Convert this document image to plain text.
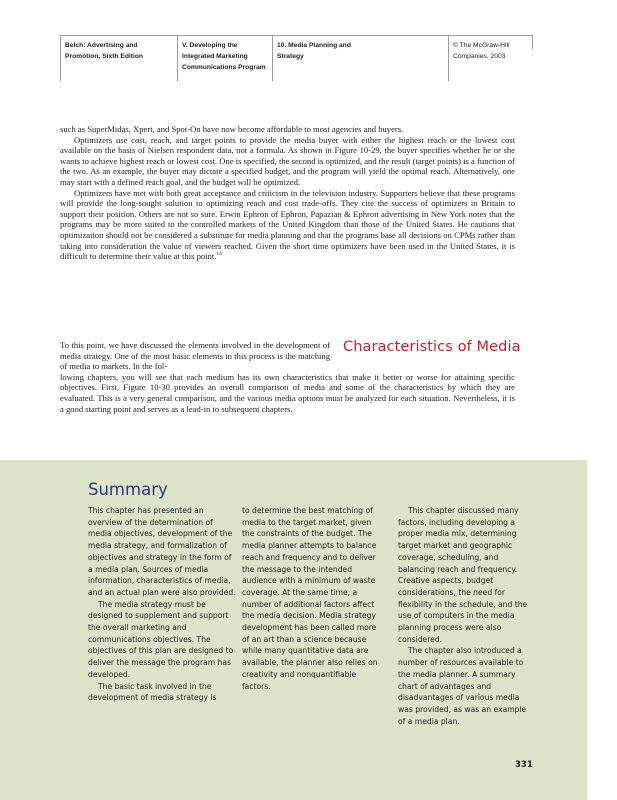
Belch: Advertising and
Promotion, Sixth Edition
V. Developing the
Integrated Marketing
Communications Program
10. Media Planning and
Strategy
© The McGraw-Hill
Companies, 2003

such as SuperMidas, Xpert, and Spot-On have now become affordable to most agencies and buyers.

Optimizers use cost, reach, and target points to provide the media buyer with either the highest reach or the lowest cost available on the basis of Nielsen respondent data, not a formula. As shown in Figure 10-29, the buyer specifies whether he or she wants to achieve highest reach or lowest cost. One is specified, the second is optimized, and the result (target points) is a function of the two. As an example, the buyer may dictate a specified budget, and the program will yield the optimal reach. Alternatively, one may start with a defined reach goal, and the budget will be optimized.

Optimizers have met with both great acceptance and criticism in the television industry. Supporters believe that these programs will provide the long-sought solution to optimizing reach and cost trade-offs. They cite the success of optimizers in Britain to support their position. Others are not so sure. Erwin Ephron of Ephron, Papazian & Ephron advertising in New York notes that the programs may be more suited to the controlled markets of the United Kingdom than those of the United States. He cautions that optimization should not be considered a substitute for media planning and that the programs base all decisions on CPMs rather than taking into consideration the value of viewers reached. Given the short time optimizers have been used in the United States, it is difficult to determine their value at this point.$^{14}$

Characteristics of Media

To this point, we have discussed the elements involved in the development of media strategy. One of the most basic elements in this process is the matching of media to markets. In the fol-

lowing chapters, you will see that each medium has its own characteristics that make it better or worse for attaining specific objectives. First, Figure 10-30 provides an overall comparison of media and some of the characteristics by which they are evaluated. This is a very general comparison, and the various media options must be analyzed for each situation. Nevertheless, it is a good starting point and serves as a lead-in to subsequent chapters.

Summary

This chapter has presented an overview of the determination of media objectives, development of the media strategy, and formalization of objectives and strategy in the form of a media plan. Sources of media information, characteristics of media, and an actual plan were also provided.

The media strategy must be designed to supplement and support the overall marketing and communications objectives. The objectives of this plan are designed to deliver the message the program has developed.

The basic task involved in the development of media strategy is

to determine the best matching of media to the target market, given the constraints of the budget. The media planner attempts to balance reach and frequency and to deliver the message to the intended audience with a minimum of waste coverage. At the same time, a number of additional factors affect the media decision. Media strategy development has been called more of an art than a science because while many quantitative data are available, the planner also relies on creativity and nonquantifiable factors.

This chapter discussed many factors, including developing a proper media mix, determining target market and geographic coverage, scheduling, and balancing reach and frequency. Creative aspects, budget considerations, the need for flexibility in the schedule, and the use of computers in the media planning process were also considered.

The chapter also introduced a number of resources available to the media planner. A summary chart of advantages and disadvantages of various media was provided, as was an example of a media plan.

331
